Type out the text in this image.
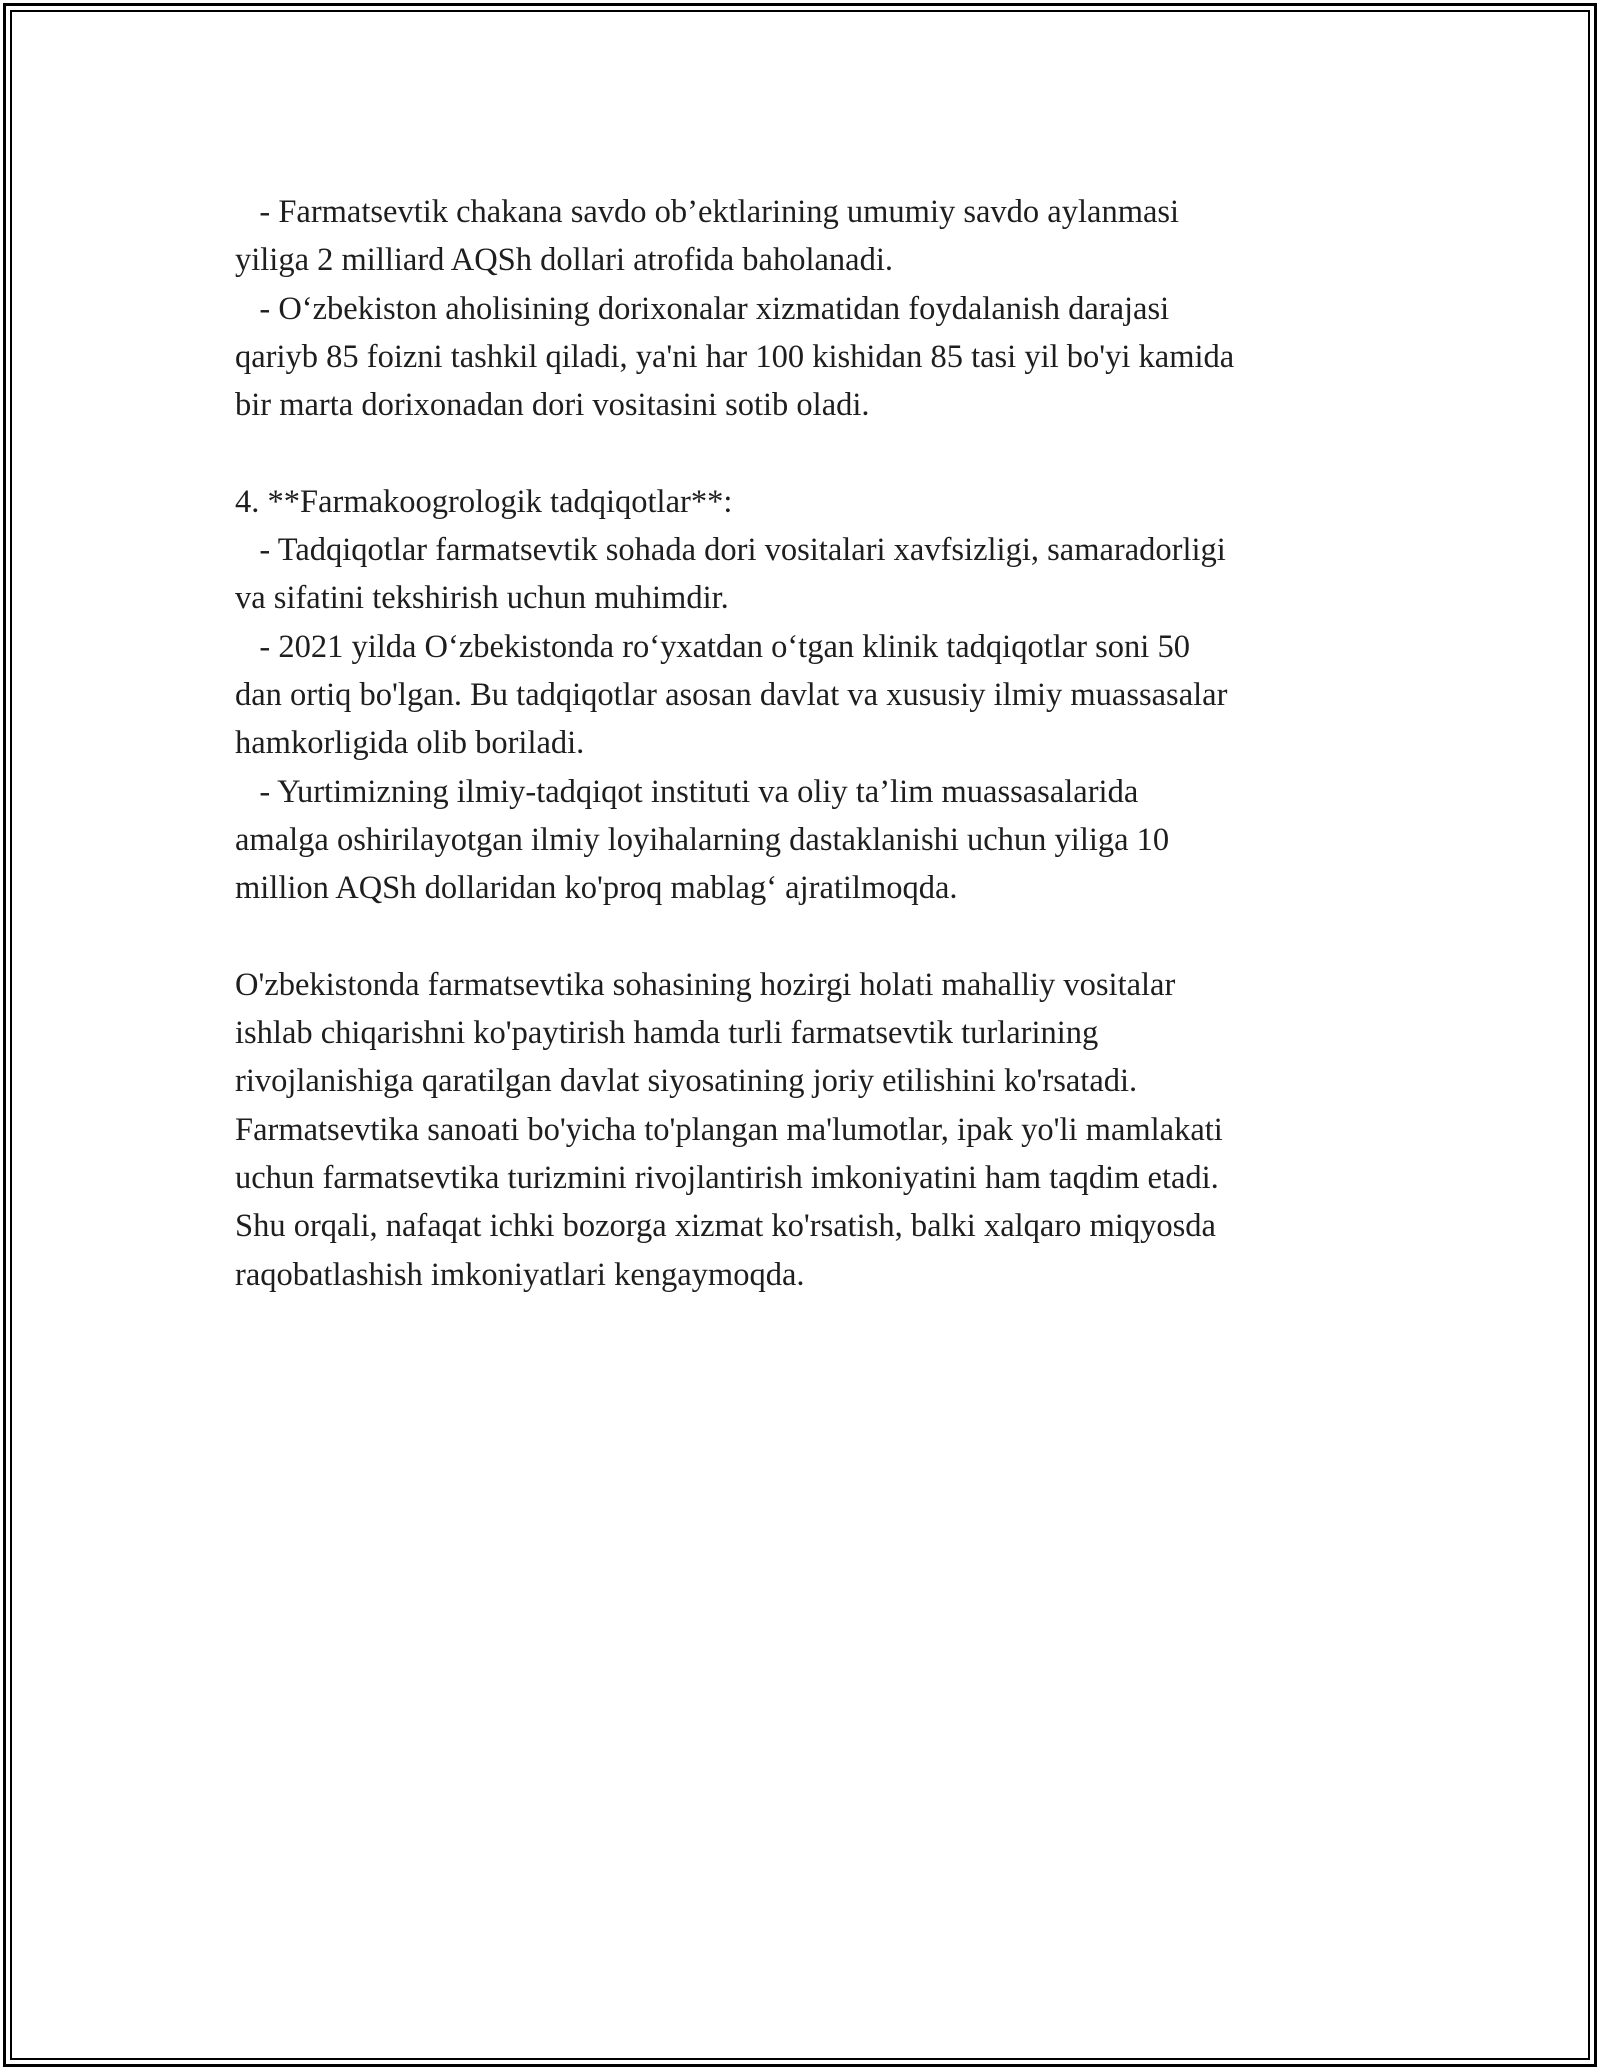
- Farmatsevtik chakana savdo ob’ektlarining umumiy savdo aylanmasi
yiliga 2 milliard AQSh dollari atrofida baholanadi.

- O‘zbekiston aholisining dorixonalar xizmatidan foydalanish darajasi
qariyb 85 foizni tashkil qiladi, ya'ni har 100 kishidan 85 tasi yil bo'yi kamida
bir marta dorixonadan dori vositasini sotib oladi.

4. **Farmakoogrologik tadqiqotlar**:

- Tadqiqotlar farmatsevtik sohada dori vositalari xavfsizligi, samaradorligi
va sifatini tekshirish uchun muhimdir.

- 2021 yilda O‘zbekistonda ro‘yxatdan o‘tgan klinik tadqiqotlar soni 50
dan ortiq bo'lgan. Bu tadqiqotlar asosan davlat va xususiy ilmiy muassasalar
hamkorligida olib boriladi.

- Yurtimizning ilmiy-tadqiqot instituti va oliy ta’lim muassasalarida
amalga oshirilayotgan ilmiy loyihalarning dastaklanishi uchun yiliga 10
million AQSh dollaridan ko'proq mablag‘ ajratilmoqda.

O'zbekistonda farmatsevtika sohasining hozirgi holati mahalliy vositalar
ishlab chiqarishni ko'paytirish hamda turli farmatsevtik turlarining
rivojlanishiga qaratilgan davlat siyosatining joriy etilishini ko'rsatadi.
Farmatsevtika sanoati bo'yicha to'plangan ma'lumotlar, ipak yo'li mamlakati
uchun farmatsevtika turizmini rivojlantirish imkoniyatini ham taqdim etadi.
Shu orqali, nafaqat ichki bozorga xizmat ko'rsatish, balki xalqaro miqyosda
raqobatlashish imkoniyatlari kengaymoqda.
